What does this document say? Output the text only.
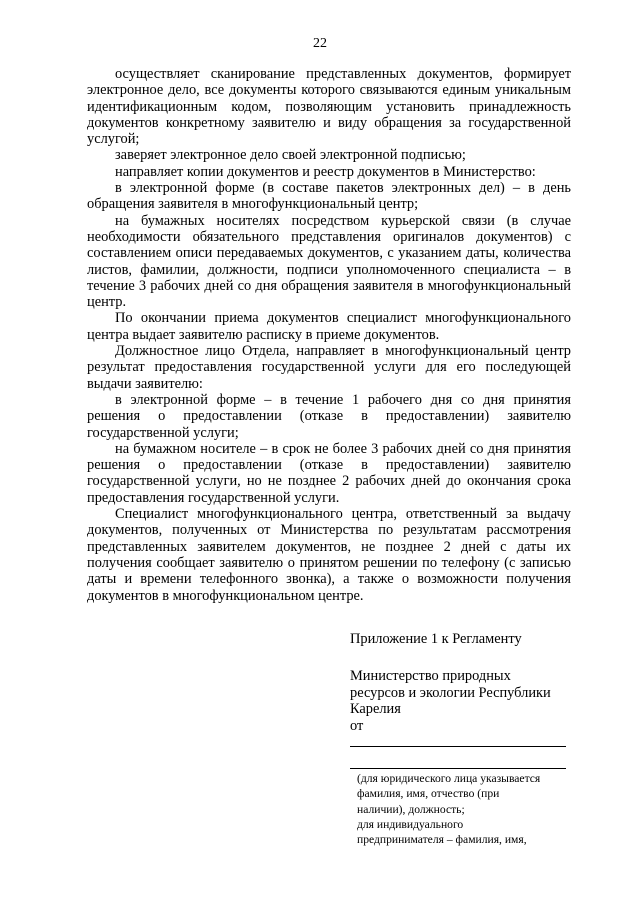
22

осуществляет сканирование представленных документов, формирует электронное дело, все документы которого связываются единым уникальным идентификационным кодом, позволяющим установить принадлежность документов конкретному заявителю и виду обращения за государственной услугой;

заверяет электронное дело своей электронной подписью;

направляет копии документов и реестр документов в Министерство:

в электронной форме (в составе пакетов электронных дел) – в день обращения заявителя в многофункциональный центр;

на бумажных носителях посредством курьерской связи (в случае необходимости обязательного представления оригиналов документов) с составлением описи передаваемых документов, с указанием даты, количества листов, фамилии, должности, подписи уполномоченного специалиста – в течение 3 рабочих дней со дня обращения заявителя в многофункциональный центр.

По окончании приема документов специалист многофункционального центра выдает заявителю расписку в приеме документов.

Должностное лицо Отдела, направляет в многофункциональный центр результат предоставления государственной услуги для его последующей выдачи заявителю:

в электронной форме – в течение 1 рабочего дня со дня принятия решения о предоставлении (отказе в предоставлении) заявителю государственной услуги;

на бумажном носителе – в срок не более 3 рабочих дней со дня принятия решения о предоставлении (отказе в предоставлении) заявителю государственной услуги, но не позднее 2 рабочих дней до окончания срока предоставления государственной услуги.

Специалист многофункционального центра, ответственный за выдачу документов, полученных от Министерства по результатам рассмотрения представленных заявителем документов, не позднее 2 дней с даты их получения сообщает заявителю о принятом решении по телефону (с записью даты и времени телефонного звонка), а также о возможности получения документов в многофункциональном центре.

Приложение 1 к Регламенту
Министерство природных
ресурсов и экологии Республики
Карелия
от
(для юридического лица указывается
фамилия, имя, отчество (при
наличии), должность;
для индивидуального
предпринимателя – фамилия, имя,
